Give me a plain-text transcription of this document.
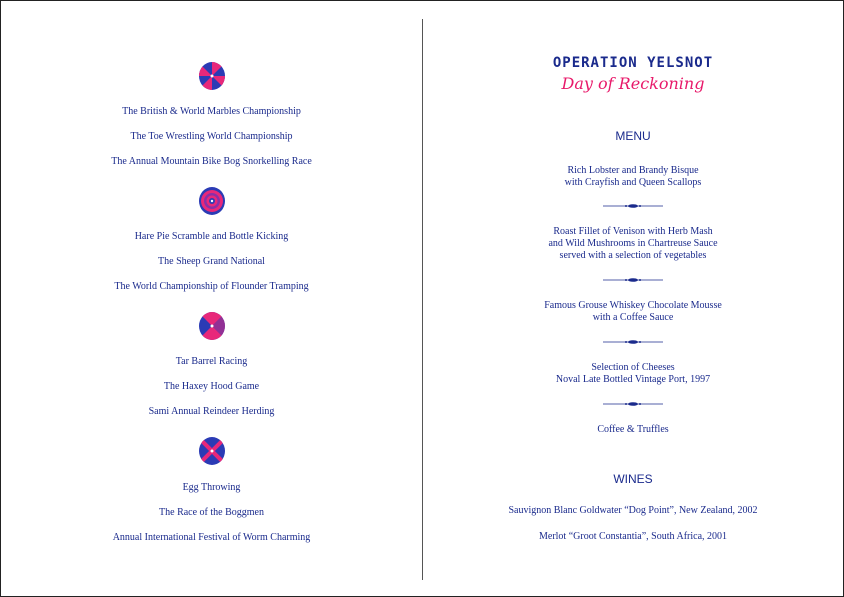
The British & World Marbles Championship
The Toe Wrestling World Championship
The Annual Mountain Bike Bog Snorkelling Race
Hare Pie Scramble and Bottle Kicking
The Sheep Grand National
The World Championship of Flounder Tramping
Tar Barrel Racing
The Haxey Hood Game
Sami Annual Reindeer Herding
Egg Throwing
The Race of the Boggmen
Annual International Festival of Worm Charming
OPERATION YELSNOT
Day of Reckoning
MENU
Rich Lobster and Brandy Bisque
with Crayfish and Queen Scallops
Roast Fillet of Venison with Herb Mash
and Wild Mushrooms in Chartreuse Sauce
served with a selection of vegetables
Famous Grouse Whiskey Chocolate Mousse
with a Coffee Sauce
Selection of Cheeses
Noval Late Bottled Vintage Port, 1997
Coffee & Truffles
WINES
Sauvignon Blanc Goldwater “Dog Point”, New Zealand, 2002
Merlot “Groot Constantia”, South Africa, 2001
